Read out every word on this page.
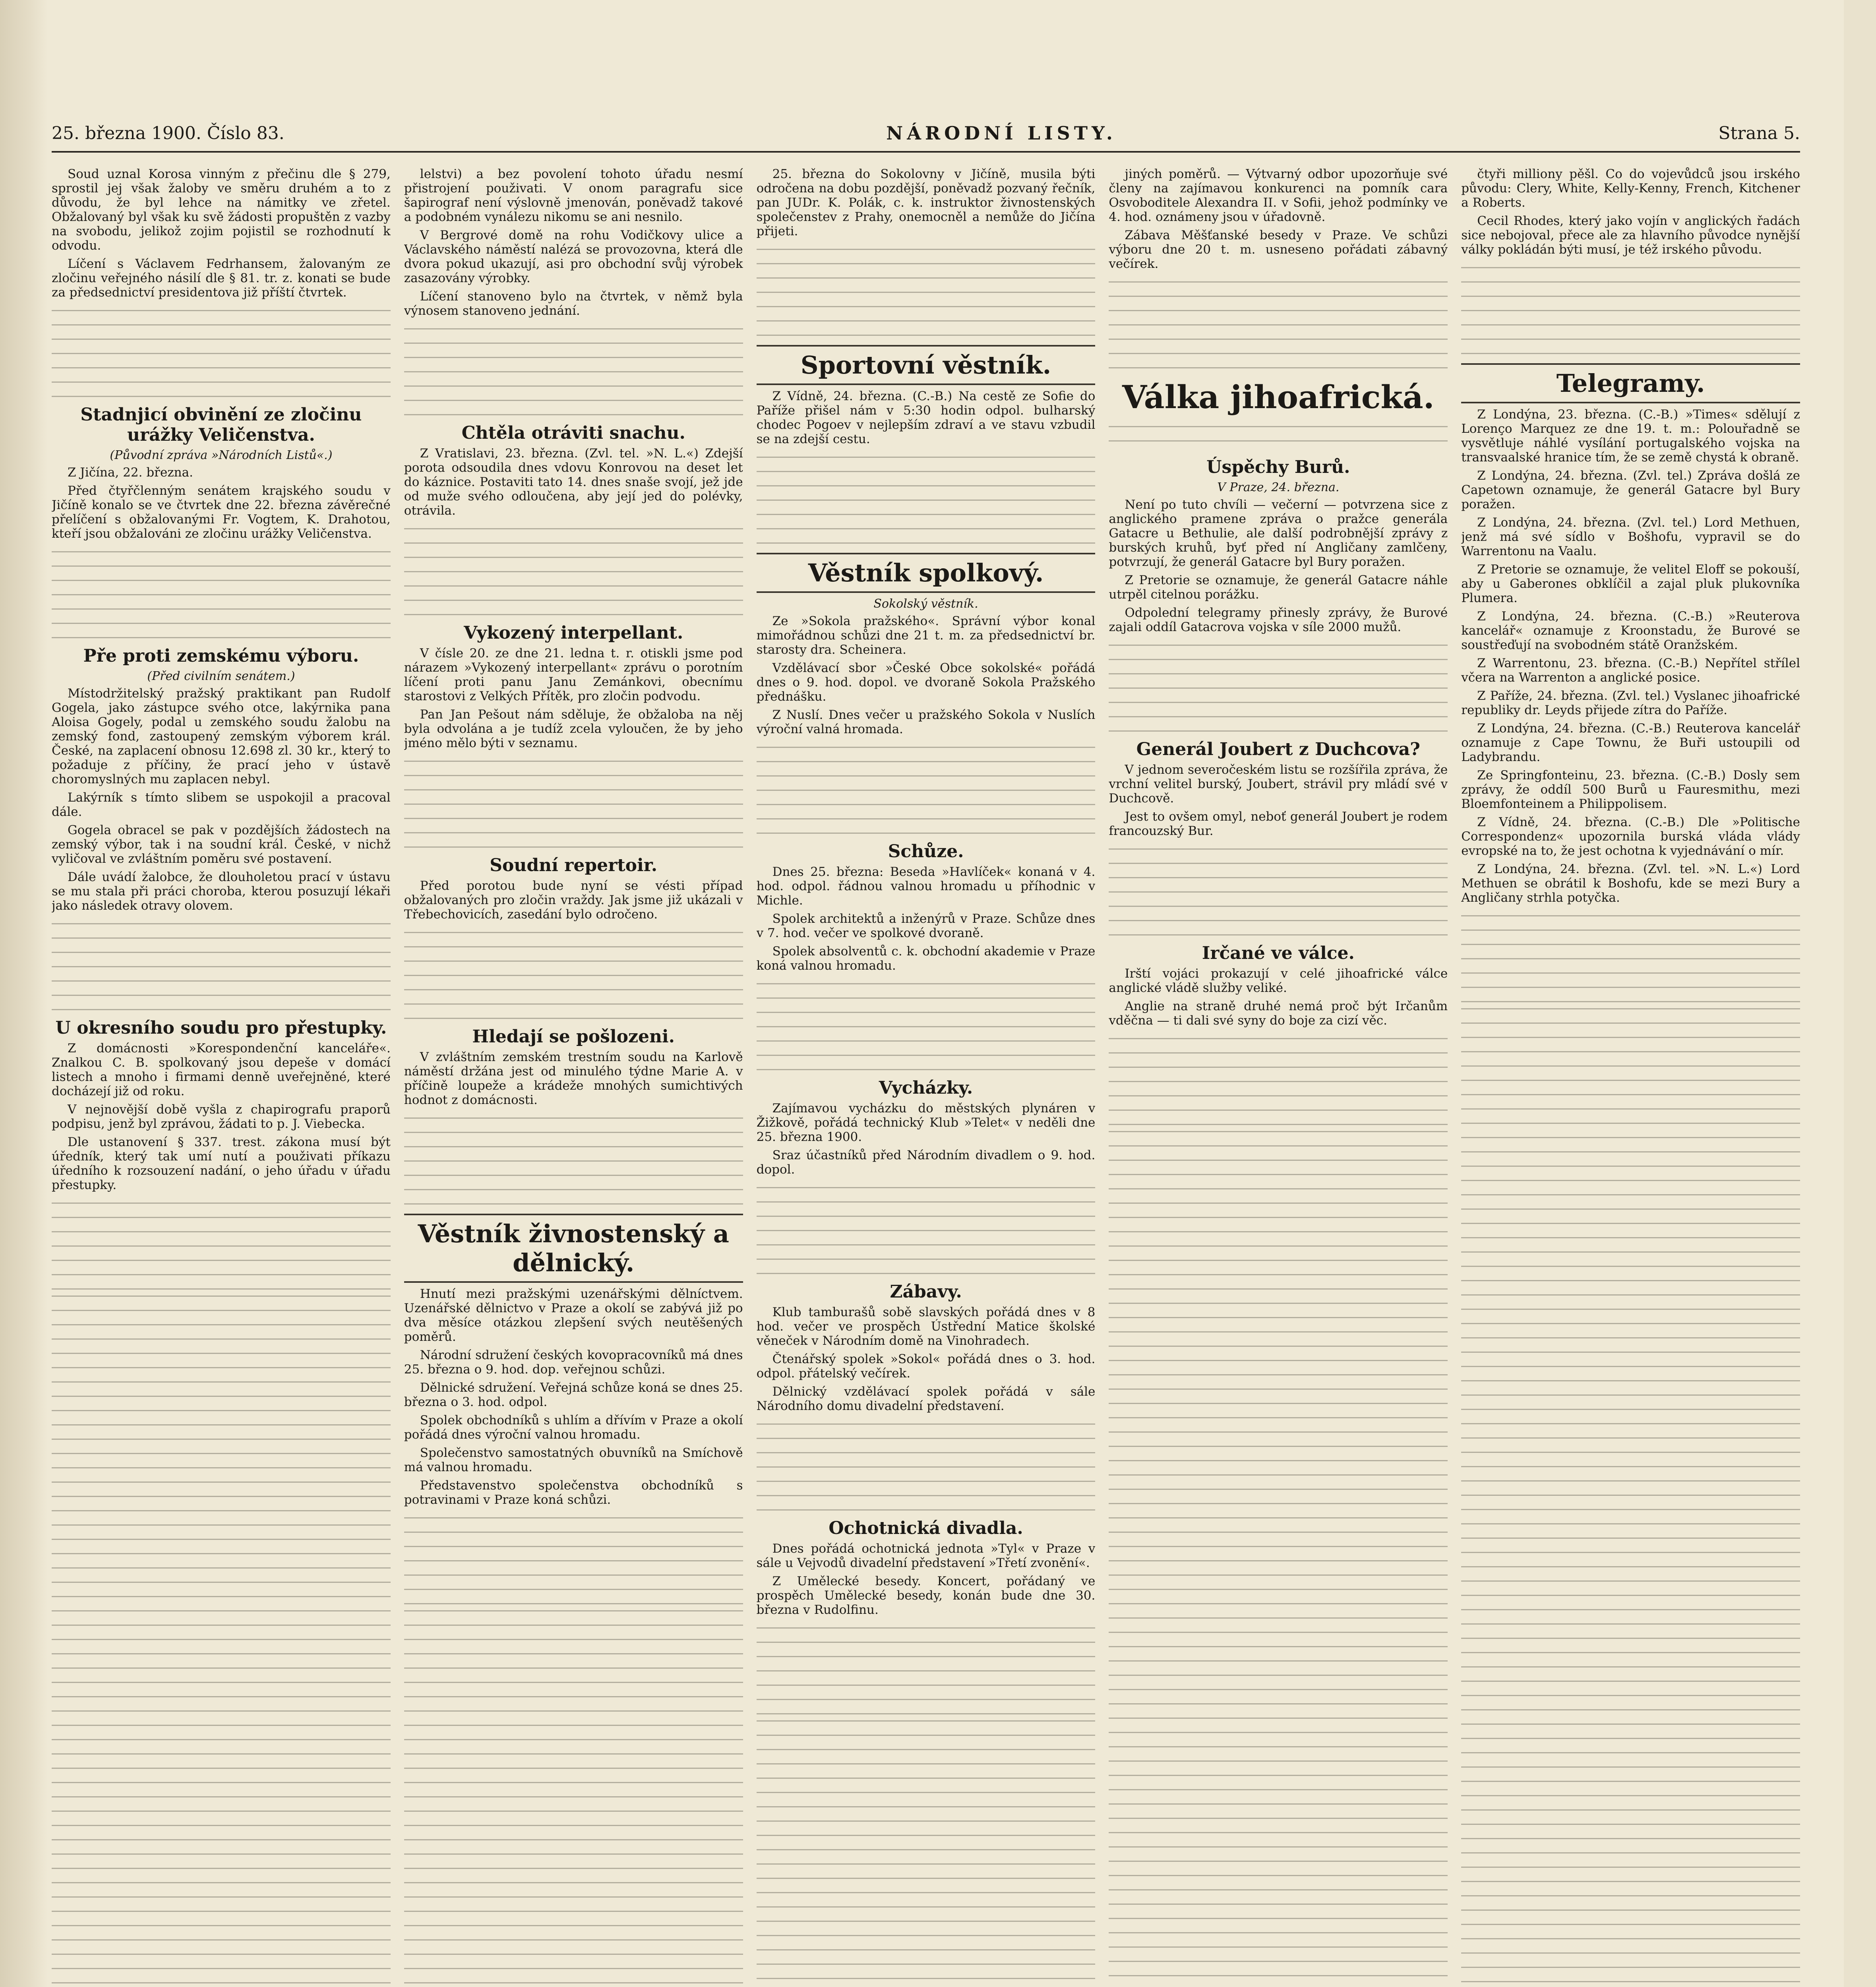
25. března 1900. Číslo 83.	NÁRODNÍ LISTY.	Strana 5.

Soud uznal Korosa vinným z přečinu dle § 279, sprostil jej však žaloby ve směru druhém a to z důvodu, že byl lehce na námitky ve zřetel. Obžalovaný byl však ku svě žádosti propuštěn z vazby na svobodu, jelikož zojim pojistil se rozhodnutí k odvodu.

Líčení s Václavem Fedrhansem, žalovaným ze zločinu veřejného násilí dle § 81. tr. z. konati se bude za předsednictví presidentova již příští čtvrtek.

Stadnjicí obvinění ze zločinu urážky Veličenstva.
(Původní zpráva »Národních Listů«.)

Z Jičína, 22. března.

Před čtyřčlenným senátem krajského soudu v Jičíně konalo se ve čtvrtek dne 22. března závěrečné přelíčení s obžalovanými Fr. Vogtem, K. Drahotou, kteří jsou obžalováni ze zločinu urážky Veličenstva.

Pře proti zemskému výboru.
(Před civilním senátem.)

Místodržitelský pražský praktikant pan Rudolf Gogela, jako zástupce svého otce, lakýrnika pana Aloisa Gogely, podal u zemského soudu žalobu na zemský fond, zastoupený zemským výborem král. České, na zaplacení obnosu 12.698 zl. 30 kr., který to požaduje z příčiny, že prací jeho v ústavě choromyslných mu zaplacen nebyl.

Lakýrník s tímto slibem se uspokojil a pracoval dále.

Gogela obracel se pak v pozdějších žádostech na zemský výbor, tak i na soudní král. České, v nichž vyličoval ve zvláštním poměru své postavení.

Dále uvádí žalobce, že dlouholetou prací v ústavu se mu stala při práci choroba, kterou posuzují lékaři jako následek otravy olovem.

U okresního soudu pro přestupky.

Z domácnosti »Korespondenční kanceláře«. Znalkou C. B. spolkovaný jsou depeše v domácí listech a mnoho i firmami denně uveřejněné, které docházejí již od roku.

V nejnovější době vyšla z chapirografu praporů podpisu, jenž byl zprávou, žádati to p. J. Viebecka.

Dle ustanovení § 337. trest. zákona musí být úředník, který tak umí nutí a použivati příkazu úředního k rozsouzení nadání, o jeho úřadu v úřadu přestupky.

lelstvi) a bez povolení tohoto úřadu nesmí přistrojení použivati. V onom paragrafu sice šapirograf není výslovně jmenován, poněvadž takové a podobném vynálezu nikomu se ani nesnilo.

V Bergrové domě na rohu Vodičkovy ulice a Václavského náměstí nalézá se provozovna, která dle dvora pokud ukazují, asi pro obchodní svůj výrobek zasazovány výrobky.

Líčení stanoveno bylo na čtvrtek, v němž byla výnosem stanoveno jednání.

Chtěla otráviti snachu.

Z Vratislavi, 23. března. (Zvl. tel. »N. L.«) Zdejší porota odsoudila dnes vdovu Konrovou na deset let do káznice. Postaviti tato 14. dnes snaše svojí, jež jde od muže svého odloučena, aby její jed do polévky, otrávila.

Vykozený interpellant.

V čísle 20. ze dne 21. ledna t. r. otiskli jsme pod nárazem »Vykozený interpellant« zprávu o porotním líčení proti panu Janu Zemánkovi, obecnímu starostovi z Velkých Přítěk, pro zločin podvodu.

Pan Jan Pešout nám sděluje, že obžaloba na něj byla odvolána a je tudíž zcela vyloučen, že by jeho jméno mělo býti v seznamu.

Soudní repertoir.

Před porotou bude nyní se vésti případ obžalovaných pro zločin vraždy. Jak jsme již ukázali v Třebechovicích, zasedání bylo odročeno.

Hledají se pošlozeni.

V zvláštním zemském trestním soudu na Karlově náměstí držána jest od minulého týdne Marie A. v příčině loupeže a krádeže mnohých sumichtivých hodnot z domácnosti.

Věstník živnostenský a dělnický.

Hnutí mezi pražskými uzenářskými dělníctvem. Uzenářské dělnictvo v Praze a okolí se zabývá již po dva měsíce otázkou zlepšení svých neutěšených poměrů.

Národní sdružení českých kovopracovníků má dnes 25. března o 9. hod. dop. veřejnou schůzi.

Dělnické sdružení. Veřejná schůze koná se dnes 25. března o 3. hod. odpol.

Spolek obchodníků s uhlím a dřívím v Praze a okolí pořádá dnes výroční valnou hromadu.

Společenstvo samostatných obuvníků na Smíchově má valnou hromadu.

Představenstvo společenstva obchodníků s potravinami v Praze koná schůzi.

25. března do Sokolovny v Jičíně, musila býti odročena na dobu pozdější, poněvadž pozvaný řečník, pan JUDr. K. Polák, c. k. instruktor živnostenských společenstev z Prahy, onemocněl a nemůže do Jičína přijeti.

Sportovní věstník.

Z Vídně, 24. března. (C.-B.) Na cestě ze Sofie do Paříže přišel nám v 5:30 hodin odpol. bulharský chodec Pogoev v nejlepším zdraví a ve stavu vzbudil se na zdejší cestu.

Věstník spolkový.
Sokolský věstník.

Ze »Sokola pražského«. Správní výbor konal mimořádnou schůzi dne 21 t. m. za předsednictví br. starosty dra. Scheinera.

Vzdělávací sbor »České Obce sokolské« pořádá dnes o 9. hod. dopol. ve dvoraně Sokola Pražského přednášku.

Z Nuslí. Dnes večer u pražského Sokola v Nuslích výroční valná hromada.

Schůze.

Dnes 25. března: Beseda »Havlíček« konaná v 4. hod. odpol. řádnou valnou hromadu u příhodnic v Michle.

Spolek architektů a inženýrů v Praze. Schůze dnes v 7. hod. večer ve spolkové dvoraně.

Spolek absolventů c. k. obchodní akademie v Praze koná valnou hromadu.

Vycházky.

Zajímavou vycházku do městských plynáren v Žižkově, pořádá technický Klub »Telet« v neděli dne 25. března 1900.

Sraz účastníků před Národním divadlem o 9. hod. dopol.

Zábavy.

Klub tamburašů sobě slavských pořádá dnes v 8 hod. večer ve prospěch Ústřední Matice školské věneček v Národním domě na Vinohradech.

Čtenářský spolek »Sokol« pořádá dnes o 3. hod. odpol. přátelský večírek.

Dělnický vzdělávací spolek pořádá v sále Národního domu divadelní představení.

Ochotnická divadla.

Dnes pořádá ochotnická jednota »Tyl« v Praze v sále u Vejvodů divadelní představení »Třetí zvonění«.

Z Umělecké besedy. Koncert, pořádaný ve prospěch Umělecké besedy, konán bude dne 30. března v Rudolfinu.

jiných poměrů. — Výtvarný odbor upozorňuje své členy na zajímavou konkurenci na pomník cara Osvoboditele Alexandra II. v Sofii, jehož podmínky ve 4. hod. oznámeny jsou v úřadovně.

Zábava Měšťanské besedy v Praze. Ve schůzi výboru dne 20 t. m. usneseno pořádati zábavný večírek.

Válka jihoafrická.
Úspěchy Burů.
V Praze, 24. března.

Není po tuto chvíli — večerní — potvrzena sice z anglického pramene zpráva o pražce generála Gatacre u Bethulie, ale další podrobnější zprávy z burských kruhů, byť před ní Angličany zamlčeny, potvrzují, že generál Gatacre byl Bury poražen.

Z Pretorie se oznamuje, že generál Gatacre náhle utrpěl citelnou porážku.

Odpolední telegramy přinesly zprávy, že Burové zajali oddíl Gatacrova vojska v síle 2000 mužů.

Generál Joubert z Duchcova?

V jednom severočeském listu se rozšířila zpráva, že vrchní velitel burský, Joubert, strávil pry mládí své v Duchcově.

Jest to ovšem omyl, neboť generál Joubert je rodem francouzský Bur.

Irčané ve válce.

Irští vojáci prokazují v celé jihoafrické válce anglické vládě služby veliké.

Anglie na straně druhé nemá proč být Irčanům vděčna — ti dali své syny do boje za cizí věc.

čtyři milliony pěšl. Co do vojevůdců jsou irského původu: Clery, White, Kelly-Kenny, French, Kitchener a Roberts.

Cecil Rhodes, který jako vojín v anglických řadách sice nebojoval, přece ale za hlavního původce nynější války pokládán býti musí, je též irského původu.

Telegramy.

Z Londýna, 23. března. (C.-B.) »Times« sdělují z Lorenço Marquez ze dne 19. t. m.: Polouřadně se vysvětluje náhlé vysílání portugalského vojska na transvaalské hranice tím, že se země chystá k obraně.

Z Londýna, 24. března. (Zvl. tel.) Zpráva došlá ze Capetown oznamuje, že generál Gatacre byl Bury poražen.

Z Londýna, 24. března. (Zvl. tel.) Lord Methuen, jenž má své sídlo v Bošhofu, vypravil se do Warrentonu na Vaalu.

Z Pretorie se oznamuje, že velitel Eloff se pokouší, aby u Gaberones obklíčil a zajal pluk plukovníka Plumera.

Z Londýna, 24. března. (C.-B.) »Reuterova kancelář« oznamuje z Kroonstadu, že Burové se soustřeďují na svobodném státě Oranžském.

Z Warrentonu, 23. března. (C.-B.) Nepřítel střílel včera na Warrenton a anglické posice.

Z Paříže, 24. března. (Zvl. tel.) Vyslanec jihoafrické republiky dr. Leyds přijede zítra do Paříže.

Z Londýna, 24. března. (C.-B.) Reuterova kancelář oznamuje z Cape Townu, že Buři ustoupili od Ladybrandu.

Ze Springfonteinu, 23. března. (C.-B.) Dosly sem zprávy, že oddíl 500 Burů u Fauresmithu, mezi Bloemfonteinem a Philippolisem.

Z Vídně, 24. března. (C.-B.) Dle »Politische Correspondenz« upozornila burská vláda vlády evropské na to, že jest ochotna k vyjednávání o mír.

Z Londýna, 24. března. (Zvl. tel. »N. L.«) Lord Methuen se obrátil k Boshofu, kde se mezi Bury a Angličany strhla potyčka.
